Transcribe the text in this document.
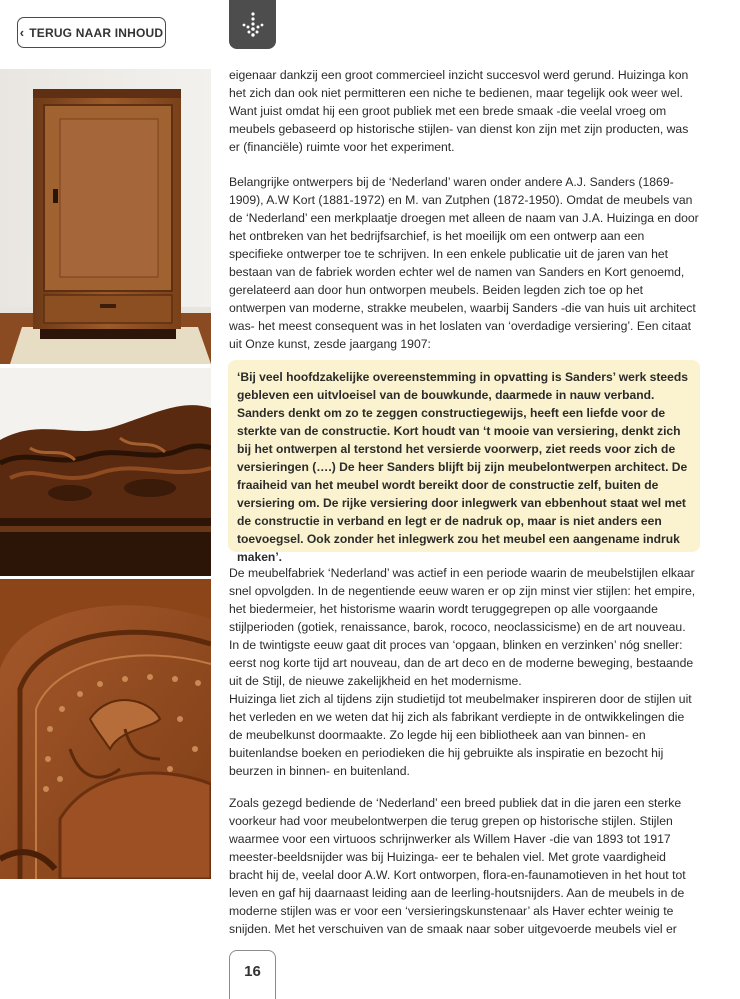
‹ TERUG NAAR INHOUD

eigenaar dankzij een groot commercieel inzicht succesvol werd gerund. Huizinga kon het zich dan ook niet permitteren een niche te bedienen, maar tegelijk ook weer wel. Want juist omdat hij een groot publiek met een brede smaak -die veelal vroeg om meubels gebaseerd op historische stijlen- van dienst kon zijn met zijn producten, was er (financiële) ruimte voor het experiment.

Belangrijke ontwerpers bij de ‘Nederland’ waren onder andere A.J. Sanders (1869-1909), A.W Kort (1881-1972) en M. van Zutphen (1872-1950). Omdat de meubels van de ‘Nederland’ een merkplaatje droegen met alleen de naam van J.A. Huizinga en door het ontbreken van het bedrijfsarchief, is het moeilijk om een ontwerp aan een specifieke ontwerper toe te schrijven. In een enkele publicatie uit de jaren van het bestaan van de fabriek worden echter wel de namen van Sanders en Kort genoemd, gerelateerd aan door hun ontworpen meubels. Beiden legden zich toe op het ontwerpen van moderne, strakke meubelen, waarbij Sanders -die van huis uit architect was- het meest consequent was in het loslaten van ‘overdadige versiering’. Een citaat uit Onze kunst, zesde jaargang 1907:

‘Bij veel hoofdzakelijke overeenstemming in opvatting is Sanders’ werk steeds gebleven een uitvloeisel van de bouwkunde, daarmede in nauw verband. Sanders denkt om zo te zeggen constructiegewijs, heeft een liefde voor de sterkte van de constructie. Kort houdt van ‘t mooie van versiering, denkt zich bij het ontwerpen al terstond het versierde voorwerp, ziet reeds voor zich de versieringen (….) De heer Sanders blijft bij zijn meubelontwerpen architect. De fraaiheid van het meubel wordt bereikt door de constructie zelf, buiten de versiering om. De rijke versiering door inlegwerk van ebbenhout staat wel met de constructie in verband en legt er de nadruk op, maar is niet anders een toevoegsel. Ook zonder het inlegwerk zou het meubel een aangename indruk maken’.

De meubelfabriek ‘Nederland’ was actief in een periode waarin de meubelstijlen elkaar snel opvolgden. In de negentiende eeuw waren er op zijn minst vier stijlen: het empire, het biedermeier, het historisme waarin wordt teruggegrepen op alle voorgaande stijlperioden (gotiek, renaissance, barok, rococo, neoclassicisme) en de art nouveau. In de twintigste eeuw gaat dit proces van ‘opgaan, blinken en verzinken’ nóg sneller: eerst nog korte tijd art nouveau, dan de art deco en de moderne beweging, bestaande uit de Stijl, de nieuwe zakelijkheid en het modernisme.

Huizinga liet zich al tijdens zijn studietijd tot meubelmaker inspireren door de stijlen uit het verleden en we weten dat hij zich als fabrikant verdiepte in de ontwikkelingen die de meubelkunst doormaakte. Zo legde hij een bibliotheek aan van binnen- en buitenlandse boeken en periodieken die hij gebruikte als inspiratie en bezocht hij beurzen in binnen- en buitenland.

Zoals gezegd bediende de ‘Nederland’ een breed publiek dat in die jaren een sterke voorkeur had voor meubelontwerpen die terug grepen op historische stijlen. Stijlen waarmee voor een virtuoos schrijnwerker als Willem Haver -die van 1893 tot 1917 meester-beeldsnijder was bij Huizinga- eer te behalen viel. Met grote vaardigheid bracht hij de, veelal door A.W. Kort ontworpen, flora-en-faunamotieven in het hout tot leven en gaf hij daarnaast leiding aan de leerling-houtsnijders. Aan de meubels in de moderne stijlen was er voor een ‘versieringskunstenaar’ als Haver echter weinig te snijden. Met het verschuiven van de smaak naar sober uitgevoerde meubels viel er

16
